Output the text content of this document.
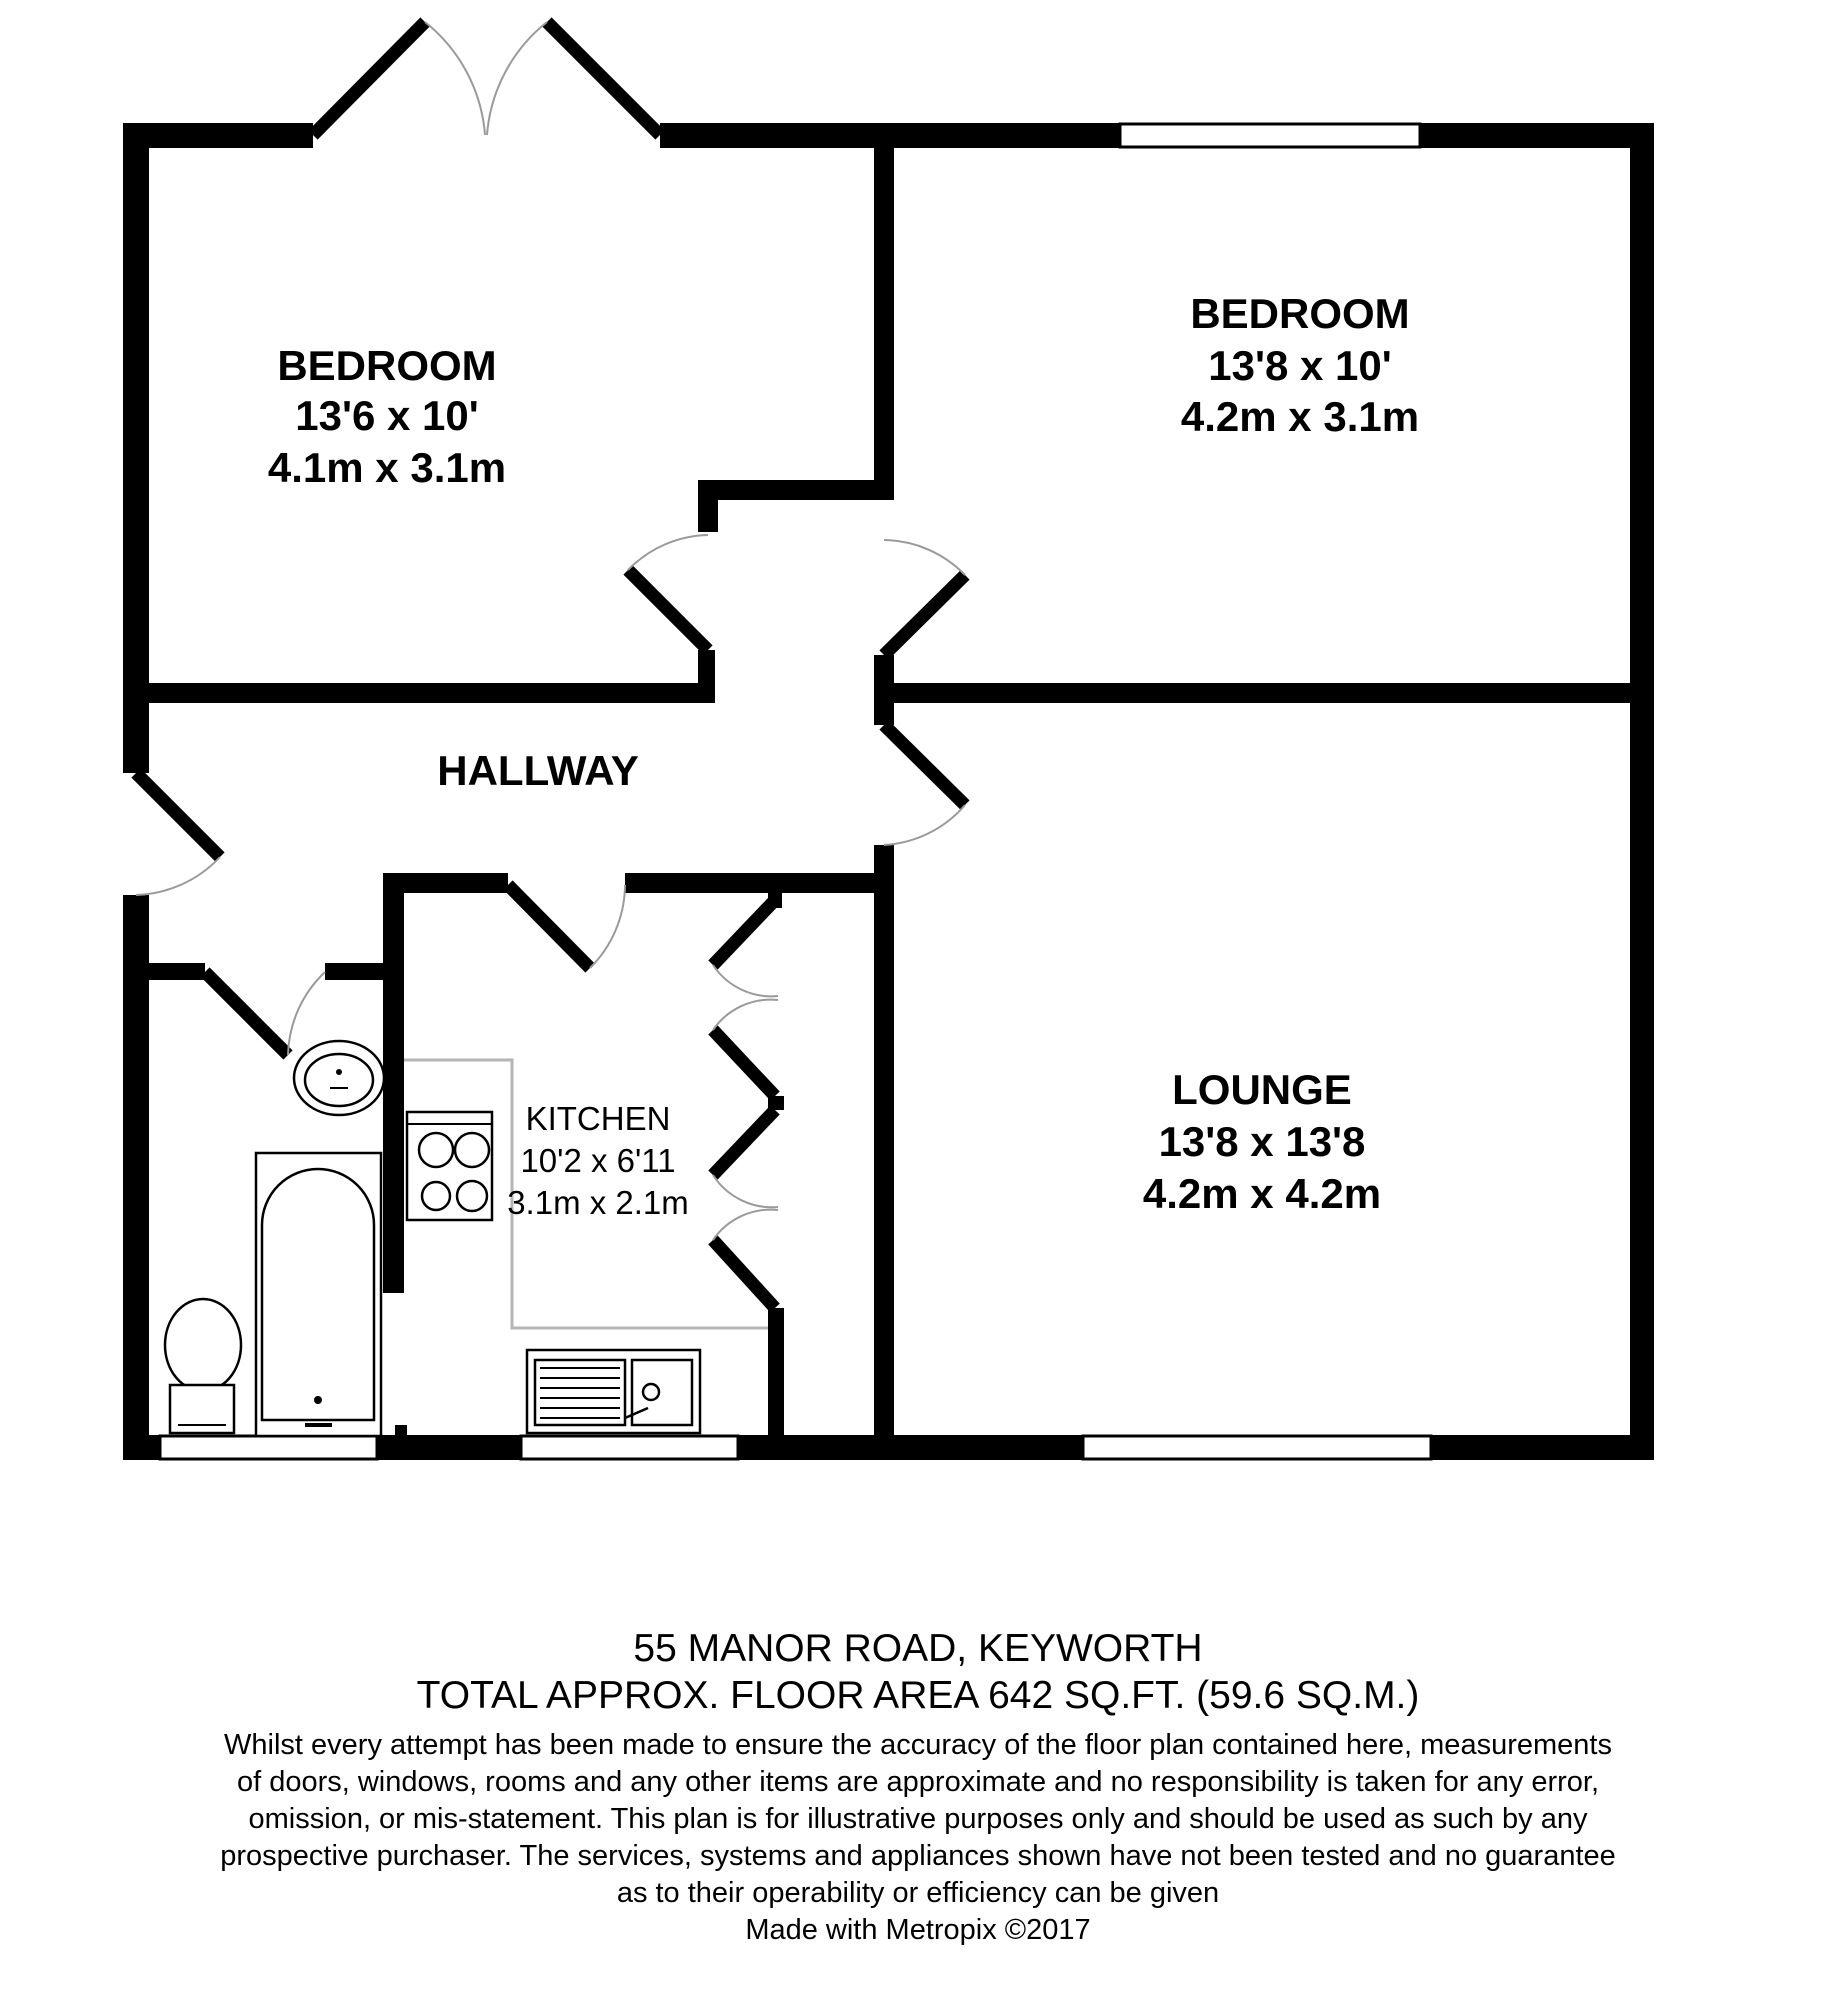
BEDROOM
13'6 x 10'
4.1m x 3.1m
BEDROOM
13'8 x 10'
4.2m x 3.1m
HALLWAY
KITCHEN
10'2 x 6'11
3.1m x 2.1m
LOUNGE
13'8 x 13'8
4.2m x 4.2m
55 MANOR ROAD, KEYWORTH
TOTAL APPROX. FLOOR AREA 642 SQ.FT. (59.6 SQ.M.)
Whilst every attempt has been made to ensure the accuracy of the floor plan contained here, measurements
of doors, windows, rooms and any other items are approximate and no responsibility is taken for any error,
omission, or mis-statement. This plan is for illustrative purposes only and should be used as such by any
prospective purchaser. The services, systems and appliances shown have not been tested and no guarantee
as to their operability or efficiency can be given
Made with Metropix ©2017
